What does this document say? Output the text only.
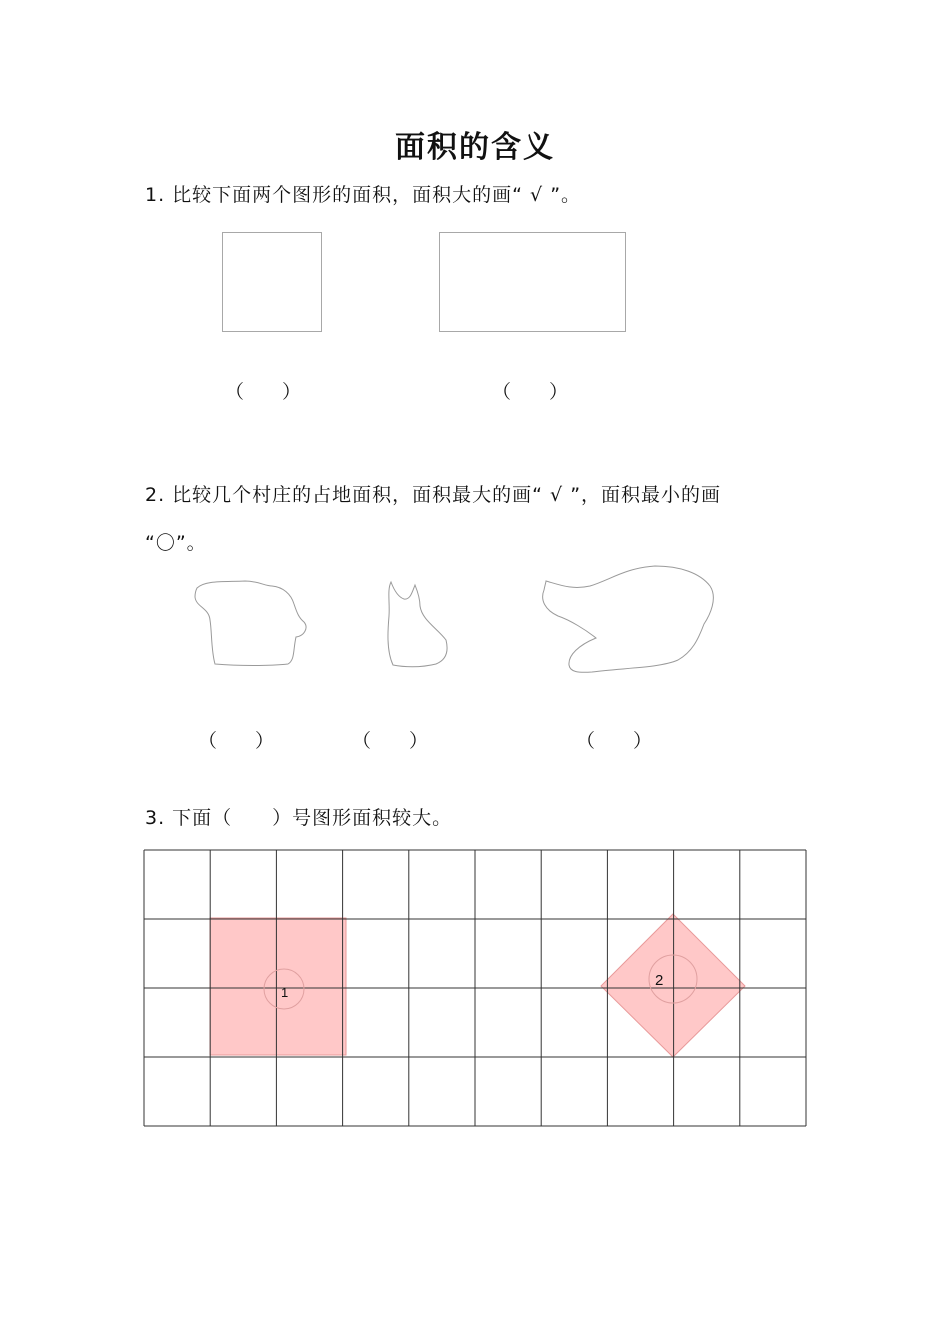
面积的含义
1. 比较下面两个图形的面积，面积大的画“ √ ”。
（　　）	（　　）
2. 比较几个村庄的占地面积，面积最大的画“ √ ”，面积最小的画
“〇”。
（　　）	（　　）	（　　）
3. 下面（　　）号图形面积较大。
1
2
